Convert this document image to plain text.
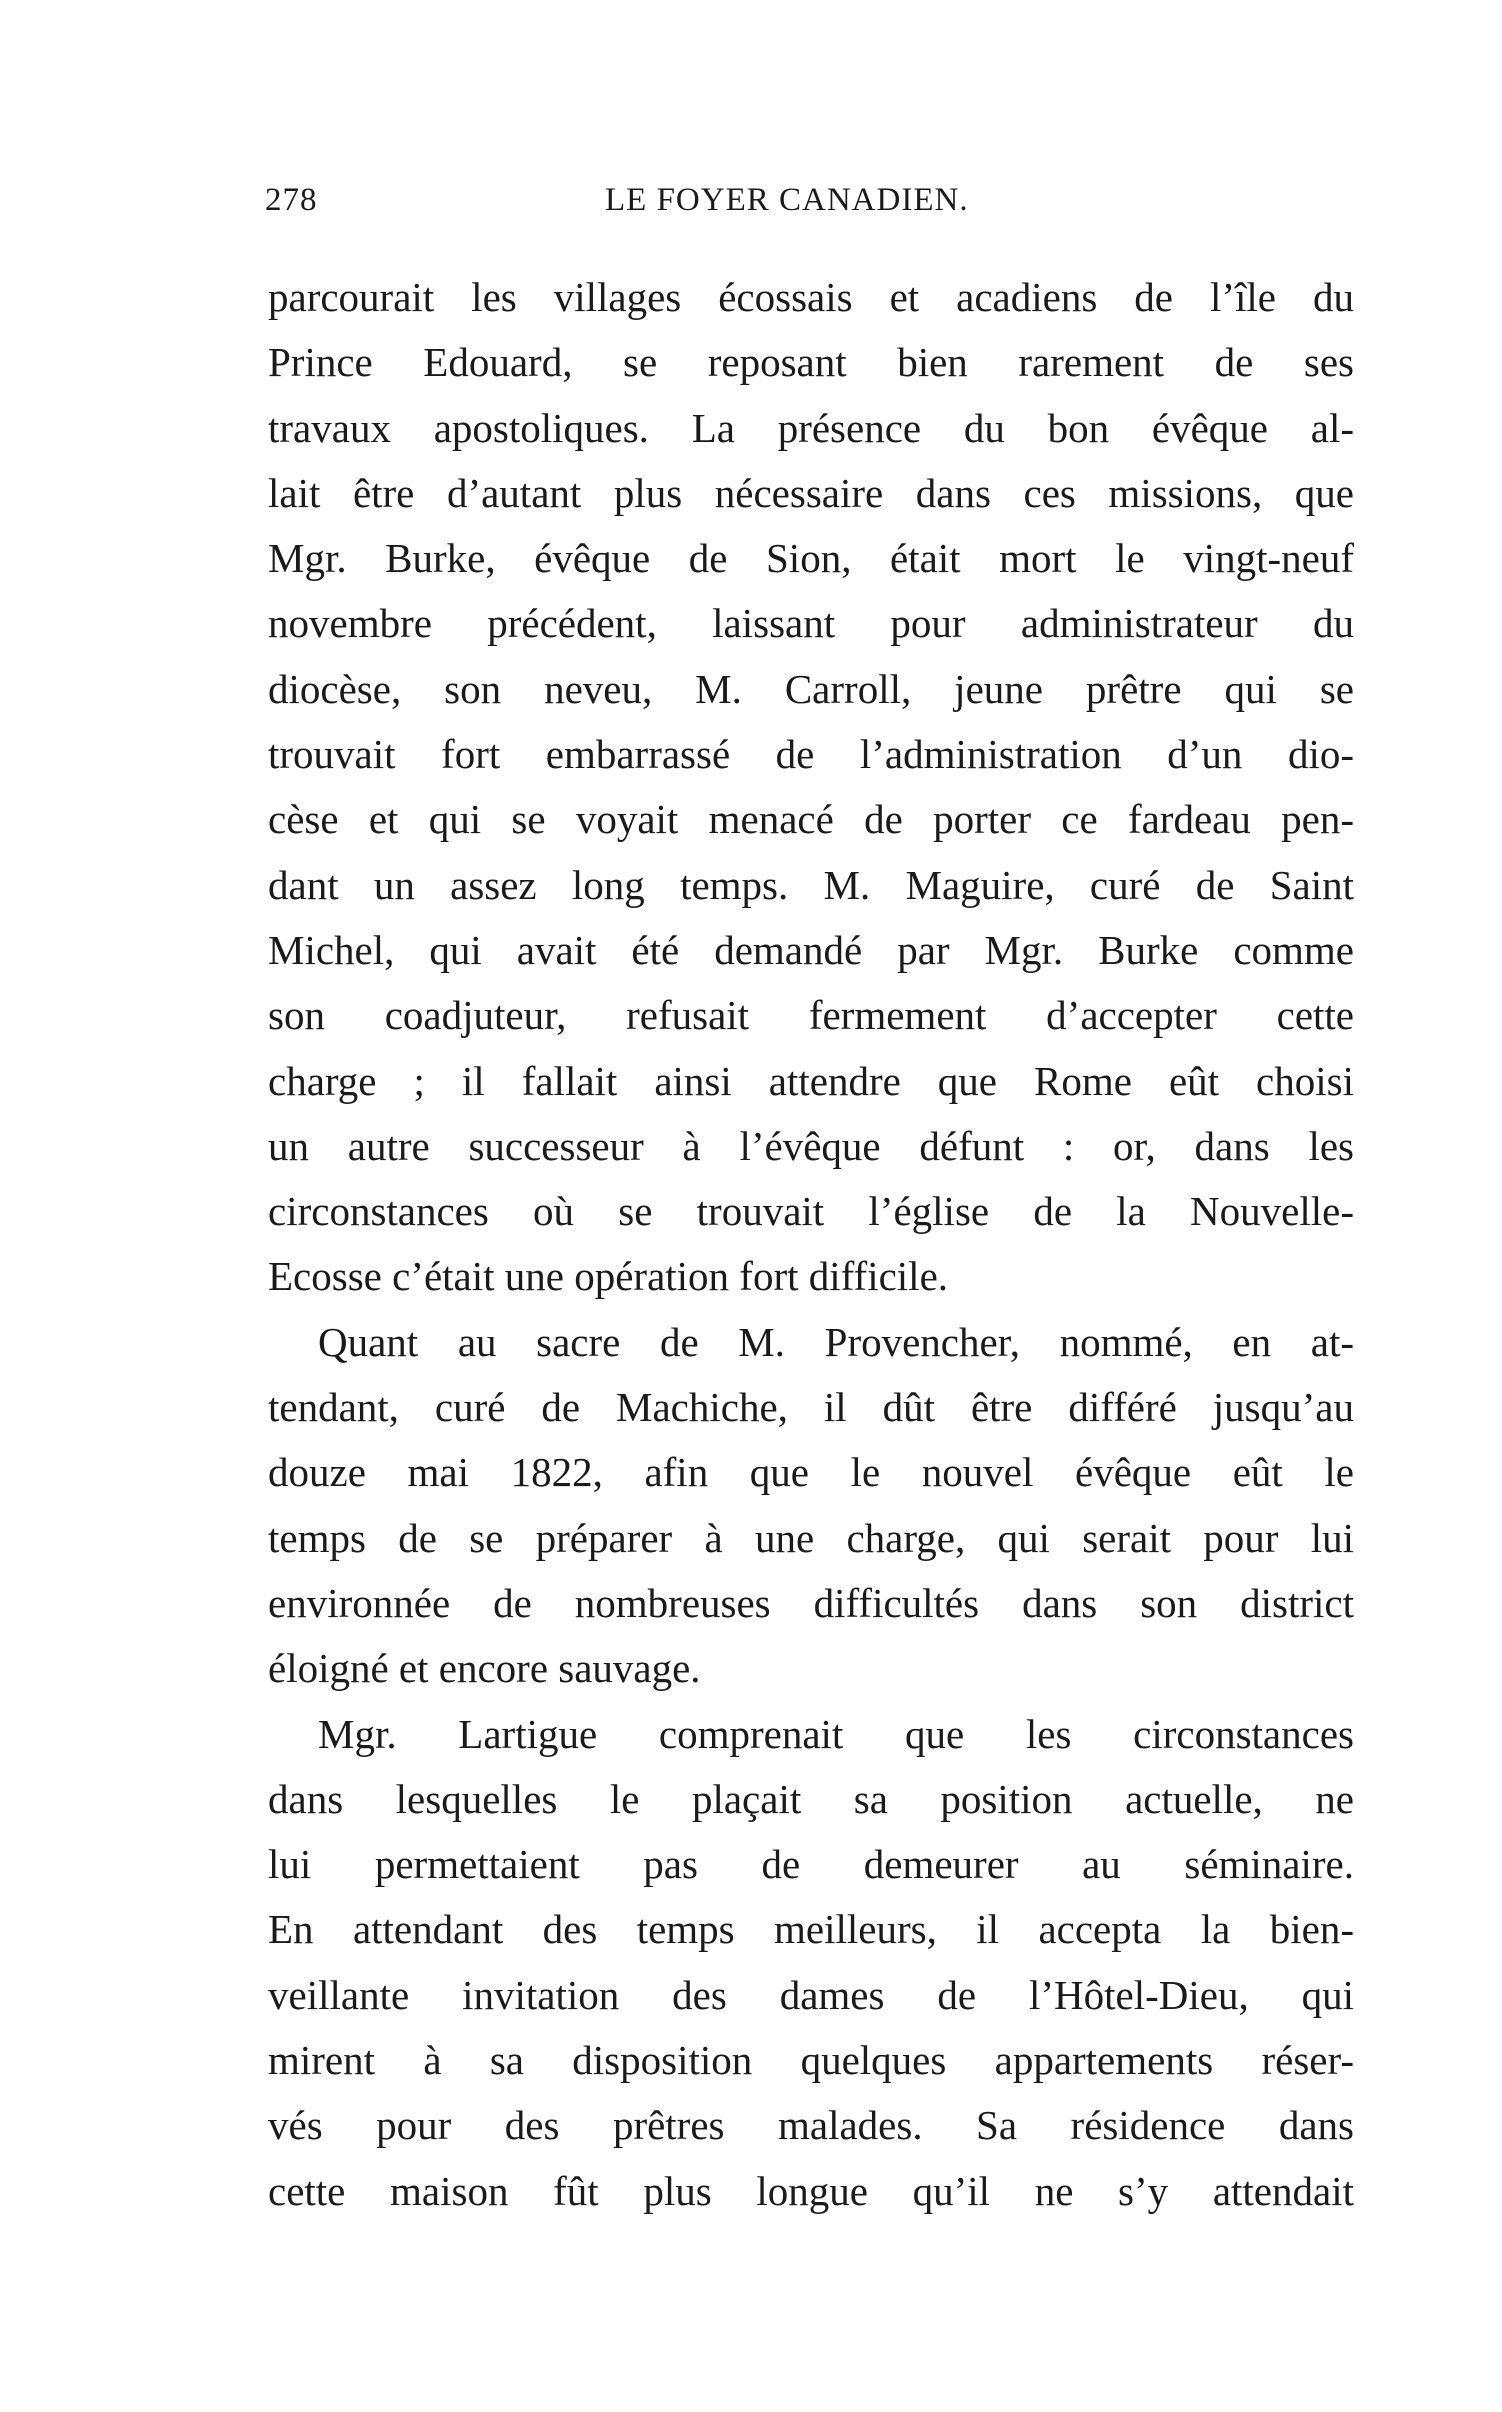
278	LE FOYER CANADIEN.
parcourait les villages écossais et acadiens de l’île du
Prince Edouard, se reposant bien rarement de ses
travaux apostoliques. La présence du bon évêque al-
lait être d’autant plus nécessaire dans ces missions, que
Mgr. Burke, évêque de Sion, était mort le vingt-neuf
novembre précédent, laissant pour administrateur du
diocèse, son neveu, M. Carroll, jeune prêtre qui se
trouvait fort embarrassé de l’administration d’un dio-
cèse et qui se voyait menacé de porter ce fardeau pen-
dant un assez long temps. M. Maguire, curé de Saint
Michel, qui avait été demandé par Mgr. Burke comme
son coadjuteur, refusait fermement d’accepter cette
charge ; il fallait ainsi attendre que Rome eût choisi
un autre successeur à l’évêque défunt : or, dans les
circonstances où se trouvait l’église de la Nouvelle-
Ecosse c’était une opération fort difficile.
Quant au sacre de M. Provencher, nommé, en at-
tendant, curé de Machiche, il dût être différé jusqu’au
douze mai 1822, afin que le nouvel évêque eût le
temps de se préparer à une charge, qui serait pour lui
environnée de nombreuses difficultés dans son district
éloigné et encore sauvage.
Mgr. Lartigue comprenait que les circonstances
dans lesquelles le plaçait sa position actuelle, ne
lui permettaient pas de demeurer au séminaire.
En attendant des temps meilleurs, il accepta la bien-
veillante invitation des dames de l’Hôtel-Dieu, qui
mirent à sa disposition quelques appartements réser-
vés pour des prêtres malades. Sa résidence dans
cette maison fût plus longue qu’il ne s’y attendait
